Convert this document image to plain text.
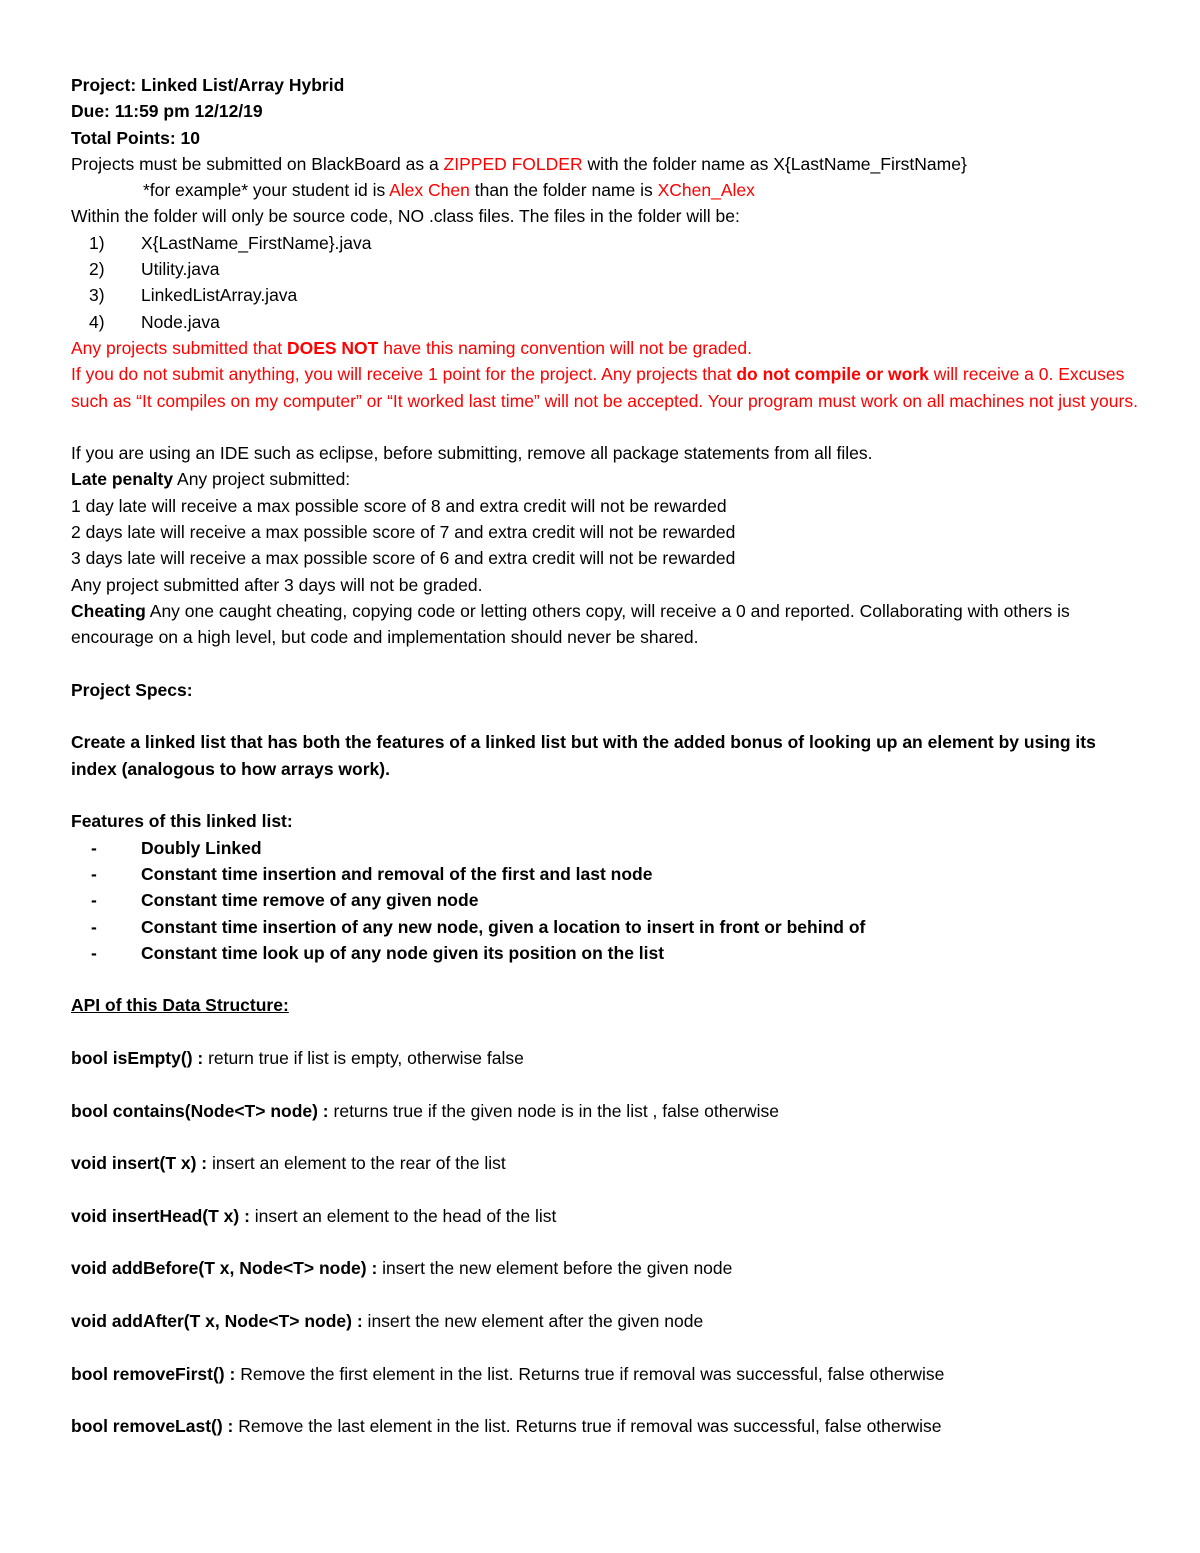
Project: Linked List/Array Hybrid
Due: 11:59 pm 12/12/19
Total Points: 10
Projects must be submitted on BlackBoard as a ZIPPED FOLDER with the folder name as X{LastName_FirstName}
*for example* your student id is Alex Chen than the folder name is XChen_Alex
Within the folder will only be source code, NO .class files. The files in the folder will be:
1)	X{LastName_FirstName}.java
2)	Utility.java
3)	LinkedListArray.java
4)	Node.java
Any projects submitted that DOES NOT have this naming convention will not be graded.
If you do not submit anything, you will receive 1 point for the project. Any projects that do not compile or work will receive a 0. Excuses such as “It compiles on my computer” or “It worked last time” will not be accepted. Your program must work on all machines not just yours.
If you are using an IDE such as eclipse, before submitting, remove all package statements from all files.
Late penalty Any project submitted:
1 day late will receive a max possible score of 8 and extra credit will not be rewarded
2 days late will receive a max possible score of 7 and extra credit will not be rewarded
3 days late will receive a max possible score of 6 and extra credit will not be rewarded
Any project submitted after 3 days will not be graded.
Cheating Any one caught cheating, copying code or letting others copy, will receive a 0 and reported. Collaborating with others is encourage on a high level, but code and implementation should never be shared.
Project Specs:
Create a linked list that has both the features of a linked list but with the added bonus of looking up an element by using its index (analogous to how arrays work).
Features of this linked list:
-	Doubly Linked
-	Constant time insertion and removal of the first and last node
-	Constant time remove of any given node
-	Constant time insertion of any new node, given a location to insert in front or behind of
-	Constant time look up of any node given its position on the list
API of this Data Structure:
bool isEmpty() : return true if list is empty, otherwise false
bool contains(Node<T> node) : returns true if the given node is in the list , false otherwise
void insert(T x) : insert an element to the rear of the list
void insertHead(T x) : insert an element to the head of the list
void addBefore(T x, Node<T> node) : insert the new element before the given node
void addAfter(T x, Node<T> node) : insert the new element after the given node
bool removeFirst() : Remove the first element in the list. Returns true if removal was successful, false otherwise
bool removeLast() : Remove the last element in the list. Returns true if removal was successful, false otherwise
